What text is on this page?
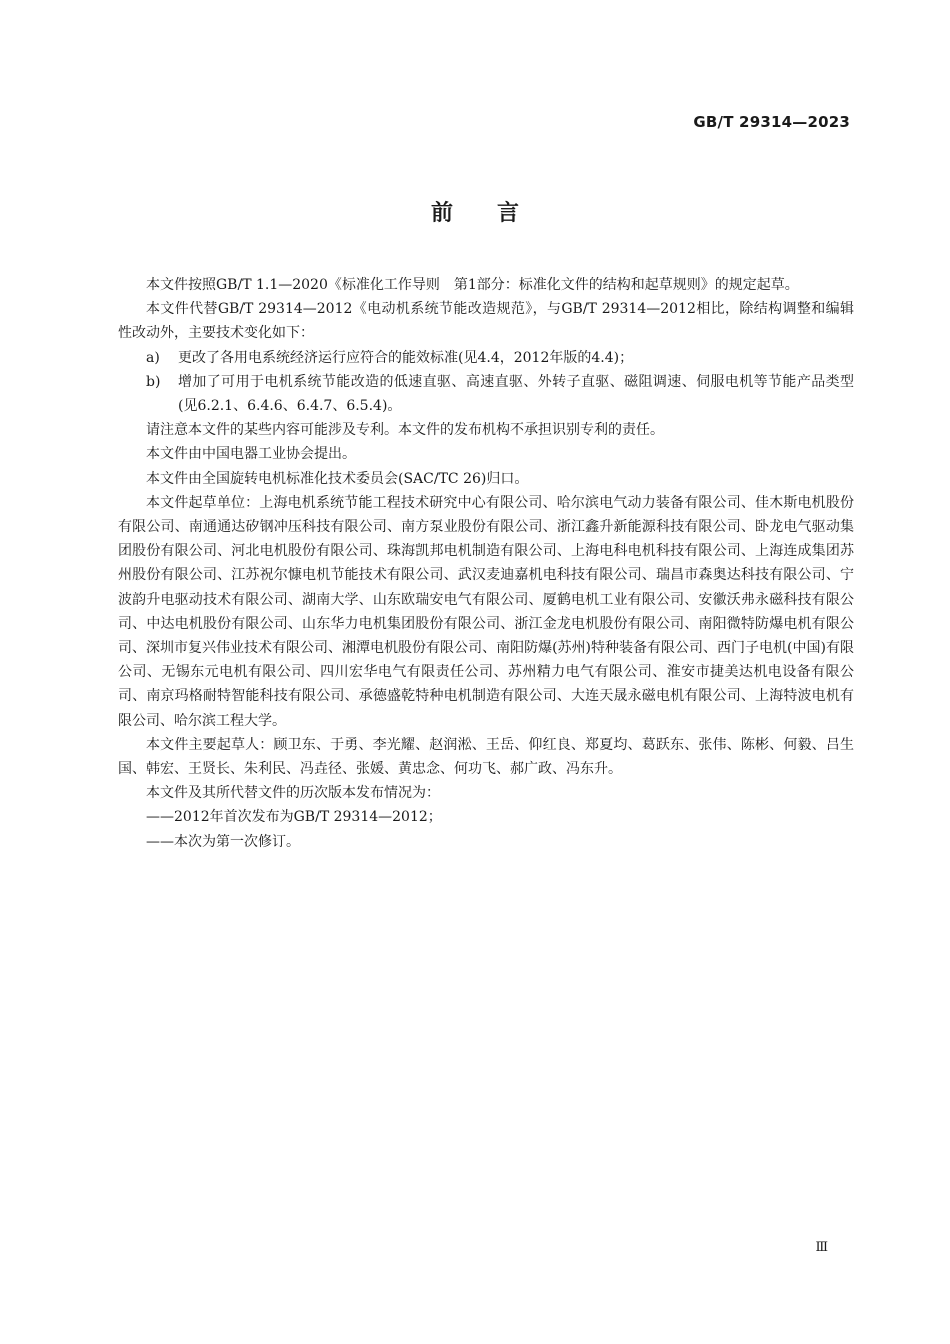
GB/T 29314—2023
前言

本文件按照GB/T 1.1—2020《标准化工作导则　第1部分：标准化文件的结构和起草规则》的规定起草。

本文件代替GB/T 29314—2012《电动机系统节能改造规范》，与GB/T 29314—2012相比，除结构调整和编辑性改动外，主要技术变化如下：

a) 更改了各用电系统经济运行应符合的能效标准(见4.4，2012年版的4.4)；

b) 增加了可用于电机系统节能改造的低速直驱、高速直驱、外转子直驱、磁阻调速、伺服电机等节能产品类型(见6.2.1、6.4.6、6.4.7、6.5.4)。

请注意本文件的某些内容可能涉及专利。本文件的发布机构不承担识别专利的责任。

本文件由中国电器工业协会提出。

本文件由全国旋转电机标准化技术委员会(SAC/TC 26)归口。

本文件起草单位：上海电机系统节能工程技术研究中心有限公司、哈尔滨电气动力装备有限公司、佳木斯电机股份有限公司、南通通达矽钢冲压科技有限公司、南方泵业股份有限公司、浙江鑫升新能源科技有限公司、卧龙电气驱动集团股份有限公司、河北电机股份有限公司、珠海凯邦电机制造有限公司、上海电科电机科技有限公司、上海连成集团苏州股份有限公司、江苏祝尔慷电机节能技术有限公司、武汉麦迪嘉机电科技有限公司、瑞昌市森奥达科技有限公司、宁波韵升电驱动技术有限公司、湖南大学、山东欧瑞安电气有限公司、厦鹤电机工业有限公司、安徽沃弗永磁科技有限公司、中达电机股份有限公司、山东华力电机集团股份有限公司、浙江金龙电机股份有限公司、南阳微特防爆电机有限公司、深圳市复兴伟业技术有限公司、湘潭电机股份有限公司、南阳防爆(苏州)特种装备有限公司、西门子电机(中国)有限公司、无锡东元电机有限公司、四川宏华电气有限责任公司、苏州精力电气有限公司、淮安市捷美达机电设备有限公司、南京玛格耐特智能科技有限公司、承德盛乾特种电机制造有限公司、大连天晟永磁电机有限公司、上海特波电机有限公司、哈尔滨工程大学。

本文件主要起草人：顾卫东、于勇、李光耀、赵润淞、王岳、仰红良、郑夏均、葛跃东、张伟、陈彬、何毅、吕生国、韩宏、王贤长、朱利民、冯垚径、张媛、黄忠念、何功飞、郝广政、冯东升。

本文件及其所代替文件的历次版本发布情况为：

——2012年首次发布为GB/T 29314—2012；

——本次为第一次修订。

Ⅲ
